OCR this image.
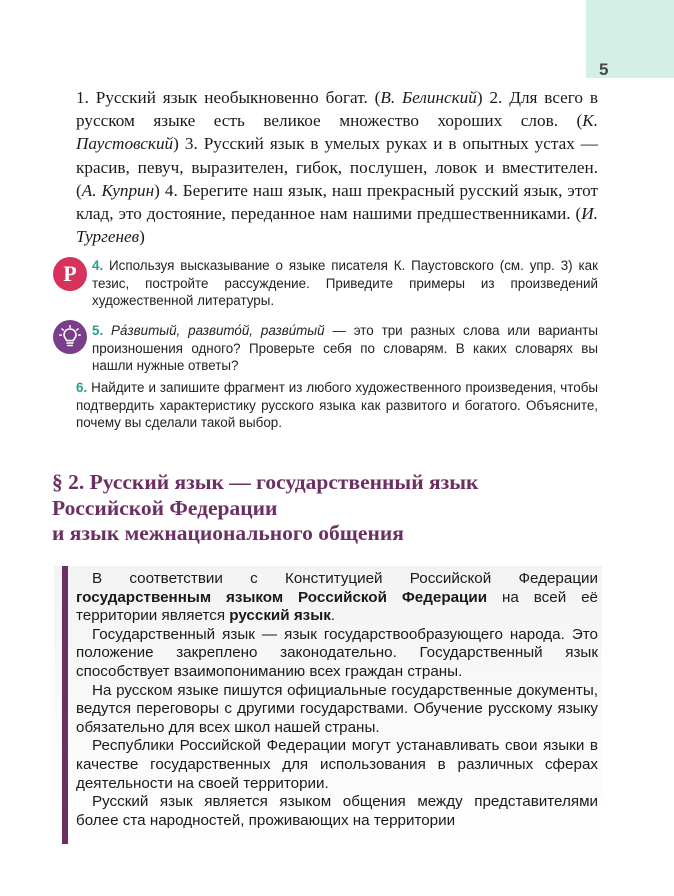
5
1. Русский язык необыкновенно богат. (В. Белинский) 2. Для всего в русском языке есть великое множество хороших слов. (К. Паустовский) 3. Русский язык в умелых руках и в опытных устах — красив, певуч, выразителен, гибок, послушен, ловок и вместителен. (А. Куприн) 4. Берегите наш язык, наш прекрасный русский язык, этот клад, это достояние, переданное нам нашими предшественниками. (И. Тургенев)
Р 4. Используя высказывание о языке писателя К. Паустовского (см. упр. 3) как тезис, постройте рассуждение. Приведите примеры из произведений художественной литературы.
5. Ра́звитый, развито́й, разви́тый — это три разных слова или варианты произношения одного? Проверьте себя по словарям. В каких словарях вы нашли нужные ответы?
6. Найдите и запишите фрагмент из любого художественного произведения, чтобы подтвердить характеристику русского языка как развитого и богатого. Объясните, почему вы сделали такой выбор.
§ 2. Русский язык — государственный язык
Российской Федерации
и язык межнационального общения

В соответствии с Конституцией Российской Федерации государственным языком Российской Федерации на всей её территории является русский язык.

Государственный язык — язык государствообразующего народа. Это положение закреплено законодательно. Государственный язык способствует взаимопониманию всех граждан страны.

На русском языке пишутся официальные государственные документы, ведутся переговоры с другими государствами. Обучение русскому языку обязательно для всех школ нашей страны.

Республики Российской Федерации могут устанавливать свои языки в качестве государственных для использования в различных сферах деятельности на своей территории.

Русский язык является языком общения между представителями более ста народностей, проживающих на территории
